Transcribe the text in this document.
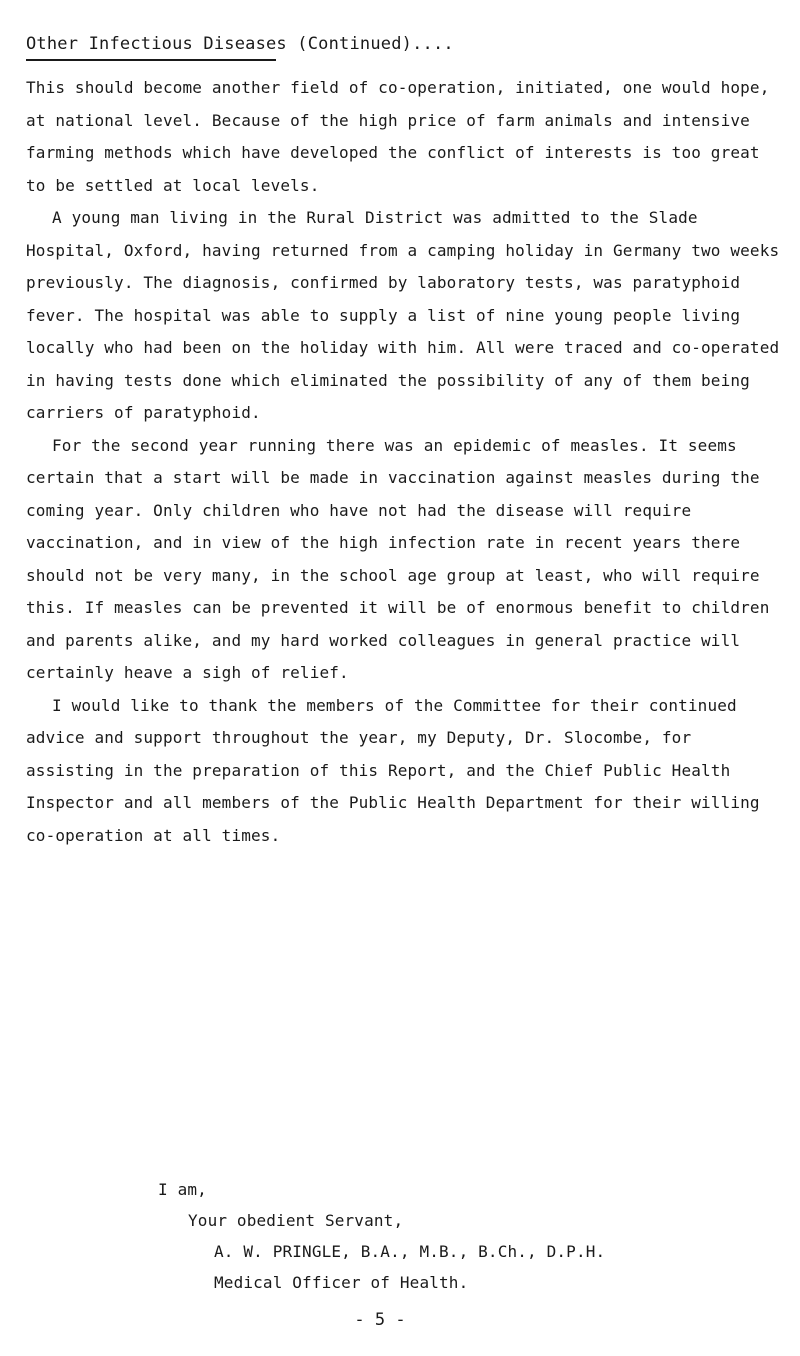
Other Infectious Diseases (Continued)....

This should become another field of co-operation, initiated, one would hope, at national level. Because of the high price of farm animals and intensive farming methods which have developed the conflict of interests is too great to be settled at local levels.

A young man living in the Rural District was admitted to the Slade Hospital, Oxford, having returned from a camping holiday in Germany two weeks previously. The diagnosis, confirmed by laboratory tests, was paratyphoid fever. The hospital was able to supply a list of nine young people living locally who had been on the holiday with him. All were traced and co-operated in having tests done which eliminated the possibility of any of them being carriers of paratyphoid.

For the second year running there was an epidemic of measles. It seems certain that a start will be made in vaccination against measles during the coming year. Only children who have not had the disease will require vaccination, and in view of the high infection rate in recent years there should not be very many, in the school age group at least, who will require this. If measles can be prevented it will be of enormous benefit to children and parents alike, and my hard worked colleagues in general practice will certainly heave a sigh of relief.

I would like to thank the members of the Committee for their continued advice and support throughout the year, my Deputy, Dr. Slocombe, for assisting in the preparation of this Report, and the Chief Public Health Inspector and all members of the Public Health Department for their willing co-operation at all times.

I am,
Your obedient Servant,
A. W. PRINGLE, B.A., M.B., B.Ch., D.P.H.
Medical Officer of Health.
- 5 -
